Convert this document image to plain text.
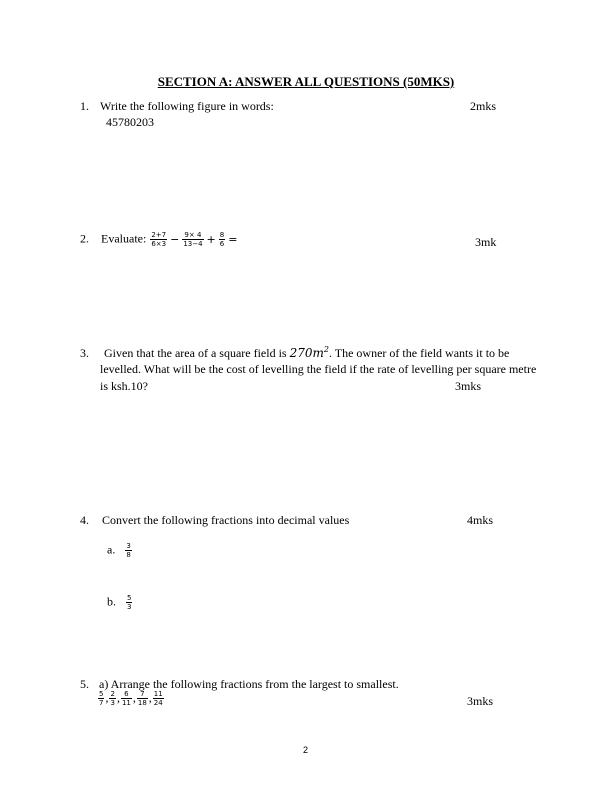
SECTION A: ANSWER ALL QUESTIONS (50MKS)
1. Write the following figure in words:	2mks
45780203
2. Evaluate: $\frac{2+7}{6\times 3} - \frac{9\times 4}{13-4} + \frac{8}{6}$ =	3mk
3. Given that the area of a square field is $270m^2$. The owner of the field wants it to be
levelled. What will be the cost of levelling the field if the rate of levelling per square metre
is ksh.10?	3mks
4. Convert the following fractions into decimal values	4mks
a. $\frac{3}{8}$
b. $\frac{5}{3}$
5. a) Arrange the following fractions from the largest to smallest.
$\frac{5}{7}$ , $\frac{2}{3}$ , $\frac{6}{11}$ , $\frac{7}{18}$ , $\frac{11}{24}$	3mks
2
